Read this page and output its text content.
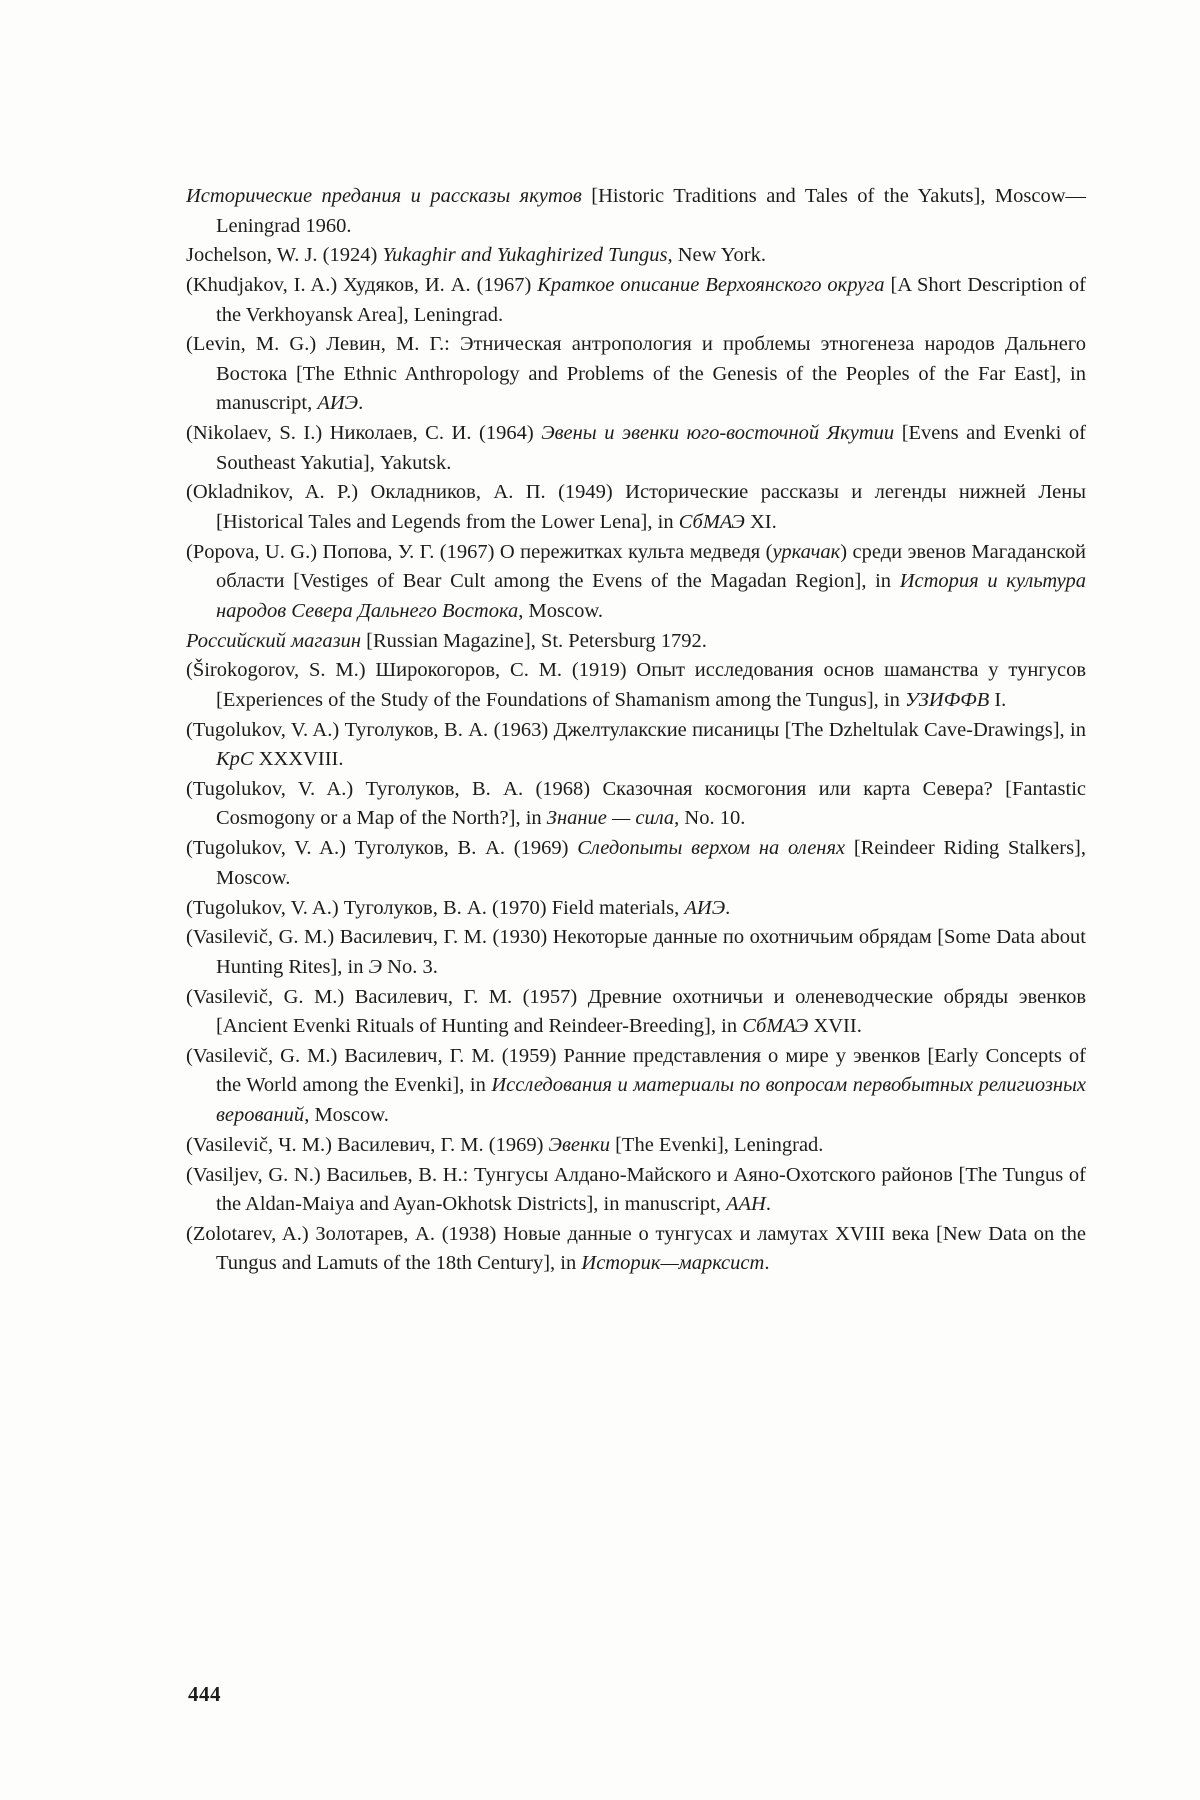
Исторические предания и рассказы якутов [Historic Traditions and Tales of the Yakuts], Moscow—Leningrad 1960.

Jochelson, W. J. (1924) Yukaghir and Yukaghirized Tungus, New York.

(Khudjakov, I. A.) Худяков, И. А. (1967) Краткое описание Верхоянского округа [A Short Description of the Verkhoyansk Area], Leningrad.

(Levin, M. G.) Левин, М. Г.: Этническая антропология и проблемы этногенеза народов Дальнего Востока [The Ethnic Anthropology and Problems of the Genesis of the Peoples of the Far East], in manuscript, АИЭ.

(Nikolaev, S. I.) Николаев, С. И. (1964) Эвены и эвенки юго-восточной Якутии [Evens and Evenki of Southeast Yakutia], Yakutsk.

(Okladnikov, A. P.) Окладников, А. П. (1949) Исторические рассказы и легенды нижней Лены [Historical Tales and Legends from the Lower Lena], in СбМАЭ XI.

(Popova, U. G.) Попова, У. Г. (1967) О пережитках культа медведя (уркачак) среди эвенов Магаданской области [Vestiges of Bear Cult among the Evens of the Magadan Region], in История и культура народов Севера Дальнего Востока, Moscow.

Российский магазин [Russian Magazine], St. Petersburg 1792.

(Širokogorov, S. M.) Широкогоров, С. М. (1919) Опыт исследования основ шаманства у тунгусов [Experiences of the Study of the Foundations of Shamanism among the Tungus], in УЗИФФВ I.

(Tugolukov, V. A.) Туголуков, В. А. (1963) Джелтулакские писаницы [The Dzheltulak Cave-Drawings], in КрС XXXVIII.

(Tugolukov, V. A.) Туголуков, В. А. (1968) Сказочная космогония или карта Севера? [Fantastic Cosmogony or a Map of the North?], in Знание — сила, No. 10.

(Tugolukov, V. A.) Туголуков, В. А. (1969) Следопыты верхом на оленях [Reindeer Riding Stalkers], Moscow.

(Tugolukov, V. A.) Туголуков, В. А. (1970) Field materials, АИЭ.

(Vasilevič, G. M.) Василевич, Г. М. (1930) Некоторые данные по охотничьим обрядам [Some Data about Hunting Rites], in Э No. 3.

(Vasilevič, G. M.) Василевич, Г. М. (1957) Древние охотничьи и оленеводческие обряды эвенков [Ancient Evenki Rituals of Hunting and Reindeer-Breeding], in СбМАЭ XVII.

(Vasilevič, G. M.) Василевич, Г. М. (1959) Ранние представления о мире у эвенков [Early Concepts of the World among the Evenki], in Исследования и материалы по вопросам первобытных религиозных верований, Moscow.

(Vasilevič, Ч. M.) Василевич, Г. М. (1969) Эвенки [The Evenki], Leningrad.

(Vasiljev, G. N.) Васильев, В. Н.: Тунгусы Алдано-Майского и Аяно-Охотского районов [The Tungus of the Aldan-Maiya and Ayan-Okhotsk Districts], in manuscript, ААН.

(Zolotarev, A.) Золотарев, А. (1938) Новые данные о тунгусах и ламутах XVIII века [New Data on the Tungus and Lamuts of the 18th Century], in Историк—марксист.

444
